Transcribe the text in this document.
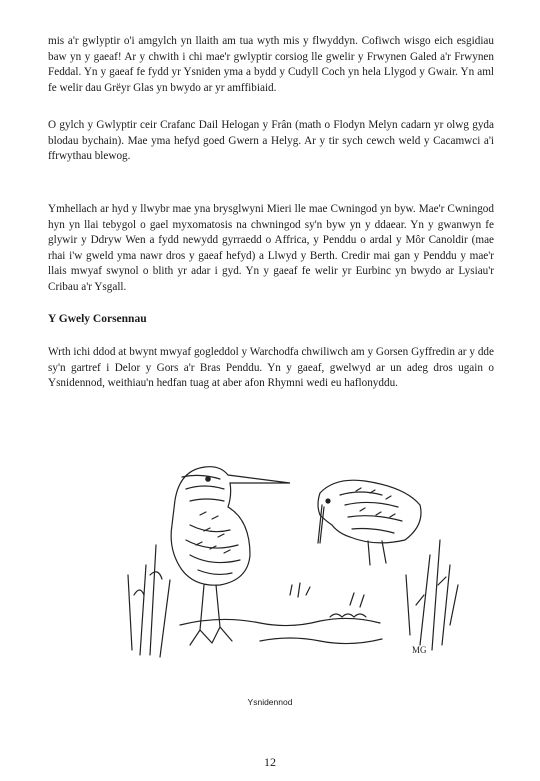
mis a'r gwlyptir o'i amgylch yn llaith am tua wyth mis y flwyddyn. Cofiwch wisgo eich esgidiau baw yn y gaeaf! Ar y chwith i chi mae'r gwlyptir corsiog lle gwelir y Frwynen Galed a'r Frwynen Feddal. Yn y gaeaf fe fydd yr Ysniden yma a bydd y Cudyll Coch yn hela Llygod y Gwair. Yn aml fe welir dau Grëyr Glas yn bwydo ar yr amffibiaid.

O gylch y Gwlyptir ceir Crafanc Dail Helogan y Frân (math o Flodyn Melyn cadarn yr olwg gyda blodau bychain). Mae yma hefyd goed Gwern a Helyg. Ar y tir sych cewch weld y Cacamwci a'i ffrwythau blewog.

Ymhellach ar hyd y llwybr mae yna brysglwyni Mieri lle mae Cwningod yn byw. Mae'r Cwningod hyn yn llai tebygol o gael myxomatosis na chwningod sy'n byw yn y ddaear. Yn y gwanwyn fe glywir y Ddryw Wen a fydd newydd gyrraedd o Affrica, y Penddu o ardal y Môr Canoldir (mae rhai i'w gweld yma nawr dros y gaeaf hefyd) a Llwyd y Berth. Credir mai gan y Penddu y mae'r llais mwyaf swynol o blith yr adar i gyd. Yn y gaeaf fe welir yr Eurbinc yn bwydo ar Lysiau'r Cribau a'r Ysgall.

Y Gwely Corsennau

Wrth ichi ddod at bwynt mwyaf gogleddol y Warchodfa chwiliwch am y Gorsen Gyffredin ar y dde sy'n gartref i Delor y Gors a'r Bras Penddu. Yn y gaeaf, gwelwyd ar un adeg dros ugain o Ysnidennod, weithiau'n hedfan tuag at aber afon Rhymni wedi eu haflonyddu.

MG
Ysnidennod
12
